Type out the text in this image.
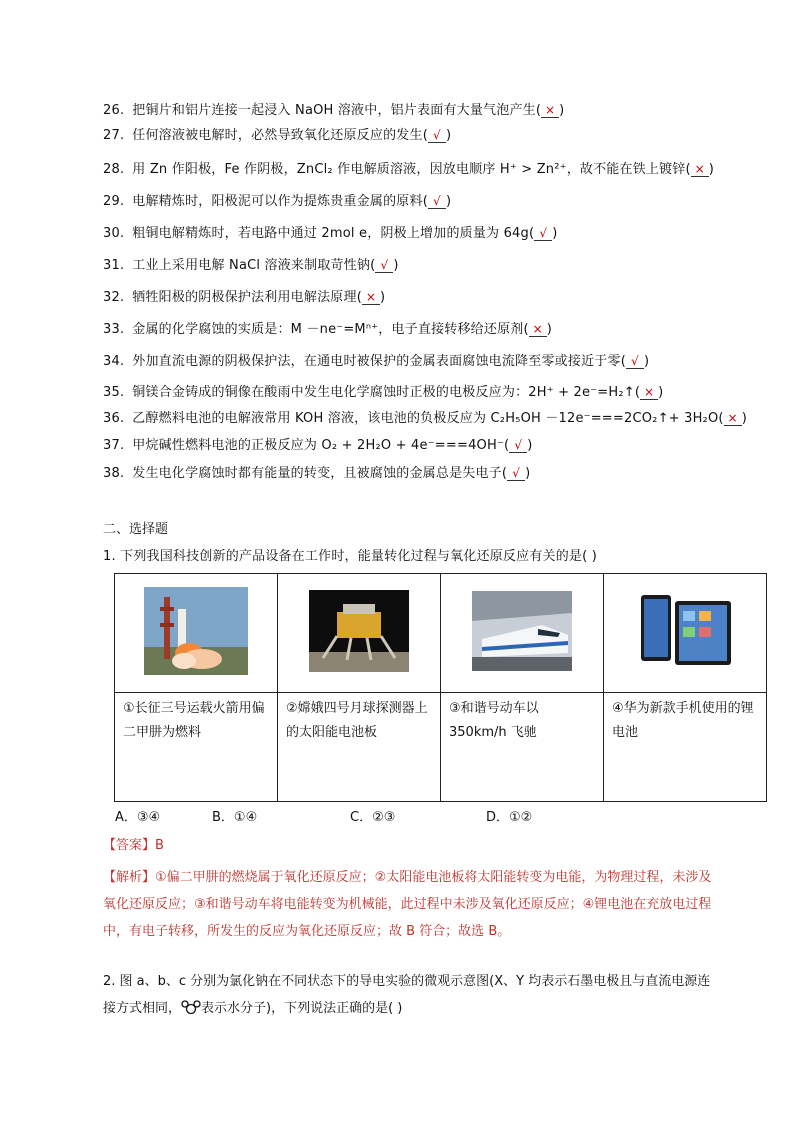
26. 把铜片和铝片连接一起浸入 NaOH 溶液中，铝片表面有大量气泡产生( × )
27. 任何溶液被电解时，必然导致氧化还原反应的发生( √ )
28. 用 Zn 作阳极，Fe 作阴极，ZnCl₂ 作电解质溶液，因放电顺序 H⁺ > Zn²⁺，故不能在铁上镀锌( × )
29. 电解精炼时，阳极泥可以作为提炼贵重金属的原料( √ )
30. 粗铜电解精炼时，若电路中通过 2mol e，阴极上增加的质量为 64g( √ )
31. 工业上采用电解 NaCl 溶液来制取苛性钠( √ )
32. 牺牲阳极的阴极保护法利用电解法原理( × )
33. 金属的化学腐蚀的实质是：M －ne⁻=Mⁿ⁺，电子直接转移给还原剂( × )
34. 外加直流电源的阴极保护法，在通电时被保护的金属表面腐蚀电流降至零或接近于零( √ )
35. 铜镁合金铸成的铜像在酸雨中发生电化学腐蚀时正极的电极反应为：2H⁺ + 2e⁻=H₂↑( × )
36. 乙醇燃料电池的电解液常用 KOH 溶液，该电池的负极反应为 C₂H₅OH －12e⁻===2CO₂↑+ 3H₂O( × )
37. 甲烷碱性燃料电池的正极反应为 O₂ + 2H₂O + 4e⁻===4OH⁻( √ )
38. 发生电化学腐蚀时都有能量的转变，且被腐蚀的金属总是失电子( √ )
二、选择题
1. 下列我国科技创新的产品设备在工作时，能量转化过程与氧化还原反应有关的是( )

①长征三号运载火箭用偏二甲肼为燃料	②嫦娥四号月球探测器上的太阳能电池板	③和谐号动车以350km/h 飞驰	④华为新款手机使用的锂电池
A．③④	B．①④	C．②③	D．①②
【答案】B
【解析】①偏二甲肼的燃烧属于氧化还原反应；②太阳能电池板将太阳能转变为电能，为物理过程，未涉及氧化还原反应；③和谐号动车将电能转变为机械能，此过程中未涉及氧化还原反应；④锂电池在充放电过程中，有电子转移，所发生的反应为氧化还原反应；故 B 符合；故选 B。
2. 图 a、b、c 分别为氯化钠在不同状态下的导电实验的微观示意图(X、Y 均表示石墨电极且与直流电源连接方式相同， 表示水分子)，下列说法正确的是( )
